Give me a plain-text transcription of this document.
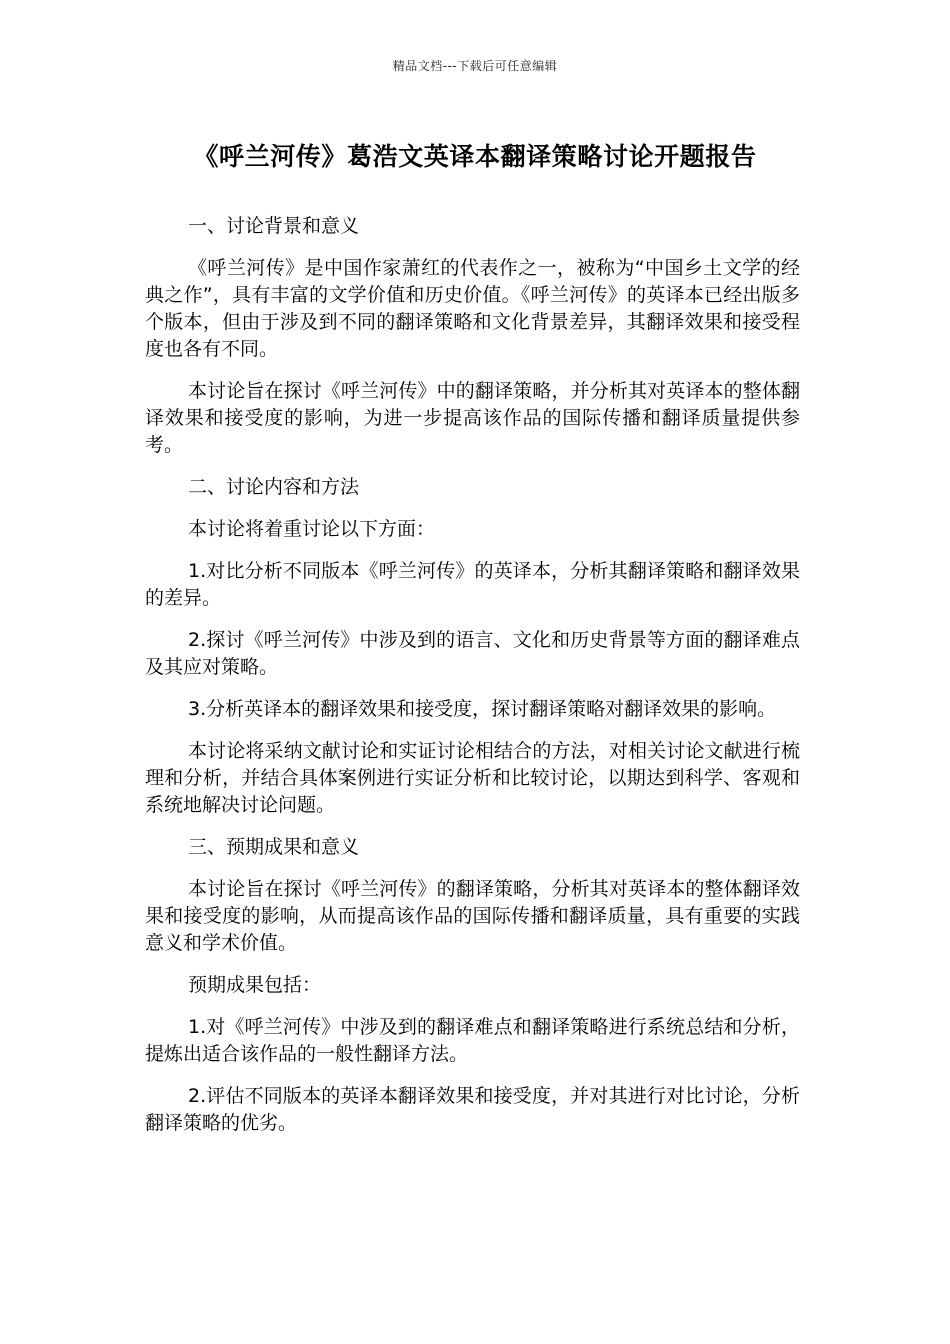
精品文档---下载后可任意编辑
《呼兰河传》葛浩文英译本翻译策略讨论开题报告

一、讨论背景和意义

《呼兰河传》是中国作家萧红的代表作之一，被称为“中国乡土文学的经典之作”，具有丰富的文学价值和历史价值。《呼兰河传》的英译本已经出版多个版本，但由于涉及到不同的翻译策略和文化背景差异，其翻译效果和接受程度也各有不同。

本讨论旨在探讨《呼兰河传》中的翻译策略，并分析其对英译本的整体翻译效果和接受度的影响，为进一步提高该作品的国际传播和翻译质量提供参考。

二、讨论内容和方法

本讨论将着重讨论以下方面：

1.对比分析不同版本《呼兰河传》的英译本，分析其翻译策略和翻译效果的差异。

2.探讨《呼兰河传》中涉及到的语言、文化和历史背景等方面的翻译难点及其应对策略。

3.分析英译本的翻译效果和接受度，探讨翻译策略对翻译效果的影响。

本讨论将采纳文献讨论和实证讨论相结合的方法，对相关讨论文献进行梳理和分析，并结合具体案例进行实证分析和比较讨论，以期达到科学、客观和系统地解决讨论问题。

三、预期成果和意义

本讨论旨在探讨《呼兰河传》的翻译策略，分析其对英译本的整体翻译效果和接受度的影响，从而提高该作品的国际传播和翻译质量，具有重要的实践意义和学术价值。

预期成果包括：

1.对《呼兰河传》中涉及到的翻译难点和翻译策略进行系统总结和分析，提炼出适合该作品的一般性翻译方法。

2.评估不同版本的英译本翻译效果和接受度，并对其进行对比讨论，分析翻译策略的优劣。
